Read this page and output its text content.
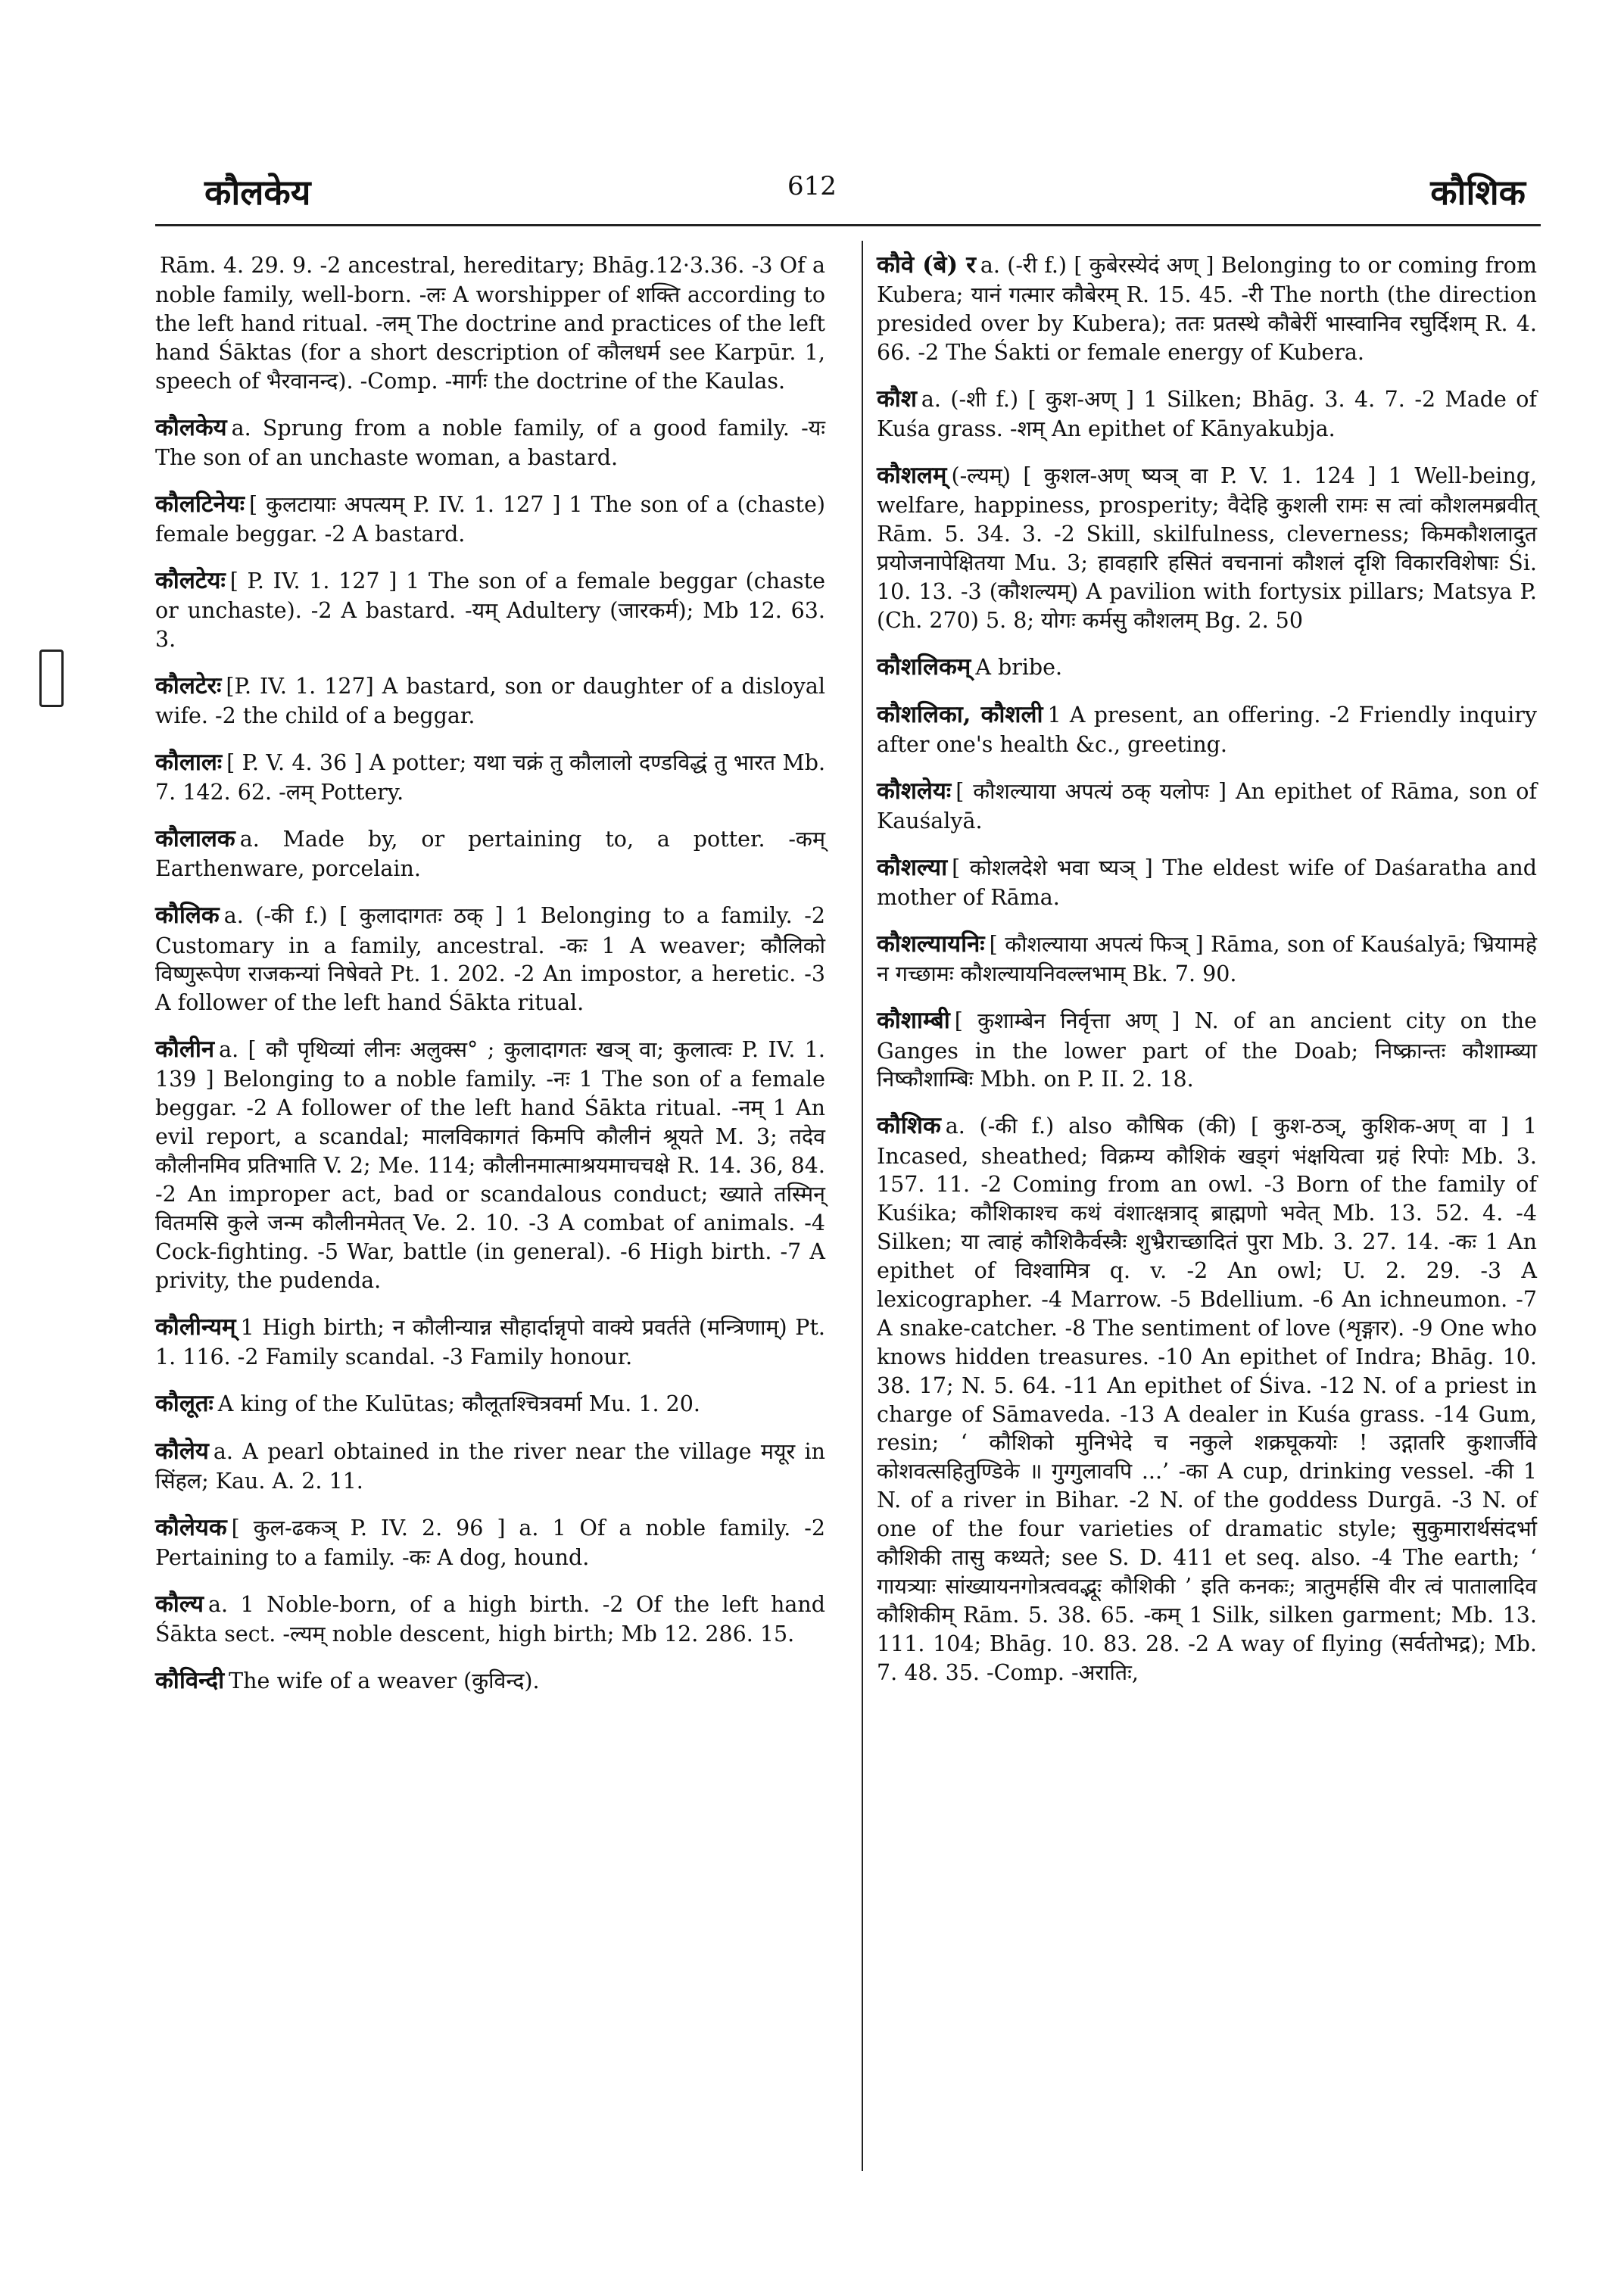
कौलकेय	612	कौशिक

Rām. 4. 29. 9. -2 ancestral, hereditary; Bhāg.12·3.36. -3 Of a noble family, well-born. -लः A worshipper of शक्ति according to the left hand ritual. -लम् The doctrine and practices of the left hand Śāktas (for a short description of कौलधर्म see Karpūr. 1, speech of भैरवानन्द). -Comp. -मार्गः the doctrine of the Kaulas.

कौलकेय a. Sprung from a noble family, of a good family. -यः The son of an unchaste woman, a bastard.

कौलटिनेयः [ कुलटायाः अपत्यम् P. IV. 1. 127 ] 1 The son of a (chaste) female beggar. -2 A bastard.

कौलटेयः [ P. IV. 1. 127 ] 1 The son of a female beggar (chaste or unchaste). -2 A bastard. -यम् Adultery (जारकर्म); Mb 12. 63. 3.

कौलटेरः [P. IV. 1. 127] A bastard, son or daughter of a disloyal wife. -2 the child of a beggar.

कौलालः [ P. V. 4. 36 ] A potter; यथा चक्रं तु कौलालो दण्डविद्धं तु भारत Mb. 7. 142. 62. -लम् Pottery.

कौलालक a. Made by, or pertaining to, a potter. -कम् Earthenware, porcelain.

कौलिक a. (-की f.) [ कुलादागतः ठक् ] 1 Belonging to a family. -2 Customary in a family, ancestral. -कः 1 A weaver; कौलिको विष्णुरूपेण राजकन्यां निषेवते Pt. 1. 202. -2 An impostor, a heretic. -3 A follower of the left hand Śākta ritual.

कौलीन a. [ कौ पृथिव्यां लीनः अलुक्स° ; कुलादागतः खञ् वा; कुलात्वः P. IV. 1. 139 ] Belonging to a noble family. -नः 1 The son of a female beggar. -2 A follower of the left hand Śākta ritual. -नम् 1 An evil report, a scandal; मालविकागतं किमपि कौलीनं श्रूयते M. 3; तदेव कौलीनमिव प्रतिभाति V. 2; Me. 114; कौलीनमात्माश्रयमाचचक्षे R. 14. 36, 84. -2 An improper act, bad or scandalous conduct; ख्याते तस्मिन् वितमसि कुले जन्म कौलीनमेतत् Ve. 2. 10. -3 A combat of animals. -4 Cock-fighting. -5 War, battle (in general). -6 High birth. -7 A privity, the pudenda.

कौलीन्यम् 1 High birth; न कौलीन्यान्न सौहार्दान्नृपो वाक्ये प्रवर्तते (मन्त्रिणाम्) Pt. 1. 116. -2 Family scandal. -3 Family honour.

कौलूतः A king of the Kulūtas; कौलूतश्चित्रवर्मा Mu. 1. 20.

कौलेय a. A pearl obtained in the river near the village मयूर in सिंहल; Kau. A. 2. 11.

कौलेयक [ कुल-ढकञ् P. IV. 2. 96 ] a. 1 Of a noble family. -2 Pertaining to a family. -कः A dog, hound.

कौल्य a. 1 Noble-born, of a high birth. -2 Of the left hand Śākta sect. -ल्यम् noble descent, high birth; Mb 12. 286. 15.

कौविन्दी The wife of a weaver (कुविन्द).

कौवे (बे) र a. (-री f.) [ कुबेरस्येदं अण् ] Belonging to or coming from Kubera; यानं गत्मार कौबेरम् R. 15. 45. -री The north (the direction presided over by Kubera); ततः प्रतस्थे कौबेरीं भास्वानिव रघुर्दिशम् R. 4. 66. -2 The Śakti or female energy of Kubera.

कौश a. (-शी f.) [ कुश-अण् ] 1 Silken; Bhāg. 3. 4. 7. -2 Made of Kuśa grass. -शम् An epithet of Kānyakubja.

कौशलम् (-ल्यम्) [ कुशल-अण् ष्यञ् वा P. V. 1. 124 ] 1 Well-being, welfare, happiness, prosperity; वैदेहि कुशली रामः स त्वां कौशलमब्रवीत् Rām. 5. 34. 3. -2 Skill, skilfulness, cleverness; किमकौशलादुत प्रयोजनापेक्षितया Mu. 3; हावहारि हसितं वचनानां कौशलं दृशि विकारविशेषाः Śi. 10. 13. -3 (कौशल्यम्) A pavilion with fortysix pillars; Matsya P. (Ch. 270) 5. 8; योगः कर्मसु कौशलम् Bg. 2. 50

कौशलिकम् A bribe.

कौशलिका, कौशली 1 A present, an offering. -2 Friendly inquiry after one's health &c., greeting.

कौशलेयः [ कौशल्याया अपत्यं ठक् यलोपः ] An epithet of Rāma, son of Kauśalyā.

कौशल्या [ कोशलदेशे भवा ष्यञ् ] The eldest wife of Daśaratha and mother of Rāma.

कौशल्यायनिः [ कौशल्याया अपत्यं फिञ् ] Rāma, son of Kauśalyā; भ्रियामहे न गच्छामः कौशल्यायनिवल्लभाम् Bk. 7. 90.

कौशाम्बी [ कुशाम्बेन निर्वृत्ता अण् ] N. of an ancient city on the Ganges in the lower part of the Doab; निष्क्रान्तः कौशाम्ब्या निष्कौशाम्बिः Mbh. on P. II. 2. 18.

कौशिक a. (-की f.) also कौषिक (की) [ कुश-ठञ्, कुशिक-अण् वा ] 1 Incased, sheathed; विक्रम्य कौशिकं खड्गं भंक्षयित्वा ग्रहं रिपोः Mb. 3. 157. 11. -2 Coming from an owl. -3 Born of the family of Kuśika; कौशिकाश्च कथं वंशात्क्षत्राद् ब्राह्मणो भवेत् Mb. 13. 52. 4. -4 Silken; या त्वाहं कौशिकैर्वस्त्रैः शुभ्रैराच्छादितं पुरा Mb. 3. 27. 14. -कः 1 An epithet of विश्वामित्र q. v. -2 An owl; U. 2. 29. -3 A lexicographer. -4 Marrow. -5 Bdellium. -6 An ichneumon. -7 A snake-catcher. -8 The sentiment of love (शृङ्गार). -9 One who knows hidden treasures. -10 An epithet of Indra; Bhāg. 10. 38. 17; N. 5. 64. -11 An epithet of Śiva. -12 N. of a priest in charge of Sāmaveda. -13 A dealer in Kuśa grass. -14 Gum, resin; ‘ कौशिको मुनिभेदे च नकुले शक्रघूकयोः ! उद्गातरि कुशार्जीवे कोशवत्सहितुण्डिके ॥ गुग्गुलावपि ...’ -का A cup, drinking vessel. -की 1 N. of a river in Bihar. -2 N. of the goddess Durgā. -3 N. of one of the four varieties of dramatic style; सुकुमारार्थसंदर्भा कौशिकी तासु कथ्यते; see S. D. 411 et seq. also. -4 The earth; ‘ गायत्र्याः सांख्यायनगोत्रत्ववद्भूः कौशिकी ’ इति कनकः; त्रातुमर्हसि वीर त्वं पातालादिव कौशिकीम् Rām. 5. 38. 65. -कम् 1 Silk, silken garment; Mb. 13. 111. 104; Bhāg. 10. 83. 28. -2 A way of flying (सर्वतोभद्र); Mb. 7. 48. 35. -Comp. -अरातिः,
